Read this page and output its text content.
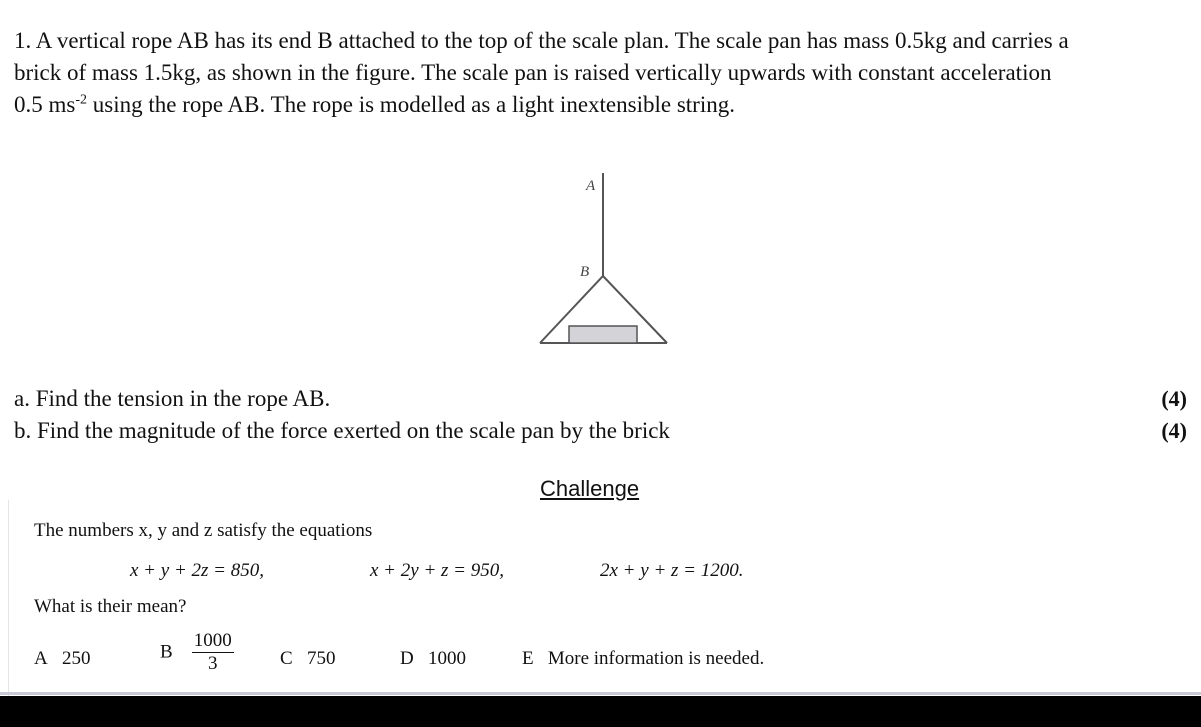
1. A vertical rope AB has its end B attached to the top of the scale plan. The scale pan has mass 0.5kg and carries a
brick of mass 1.5kg, as shown in the figure. The scale pan is raised vertically upwards with constant acceleration
0.5 $ms^{-2}$ using the rope AB. The rope is modelled as a light inextensible string.
A
B
a. Find the tension in the rope AB.	(4)
b. Find the magnitude of the force exerted on the scale pan by the brick	(4)
Challenge
The numbers x, y and z satisfy the equations
x + y + 2z = 850,	x + 2y + z = 950,	2x + y + z = 1200.
What is their mean?
A 250	B $\frac{1000}{3}$ C 750	D 1000	E More information is needed.
